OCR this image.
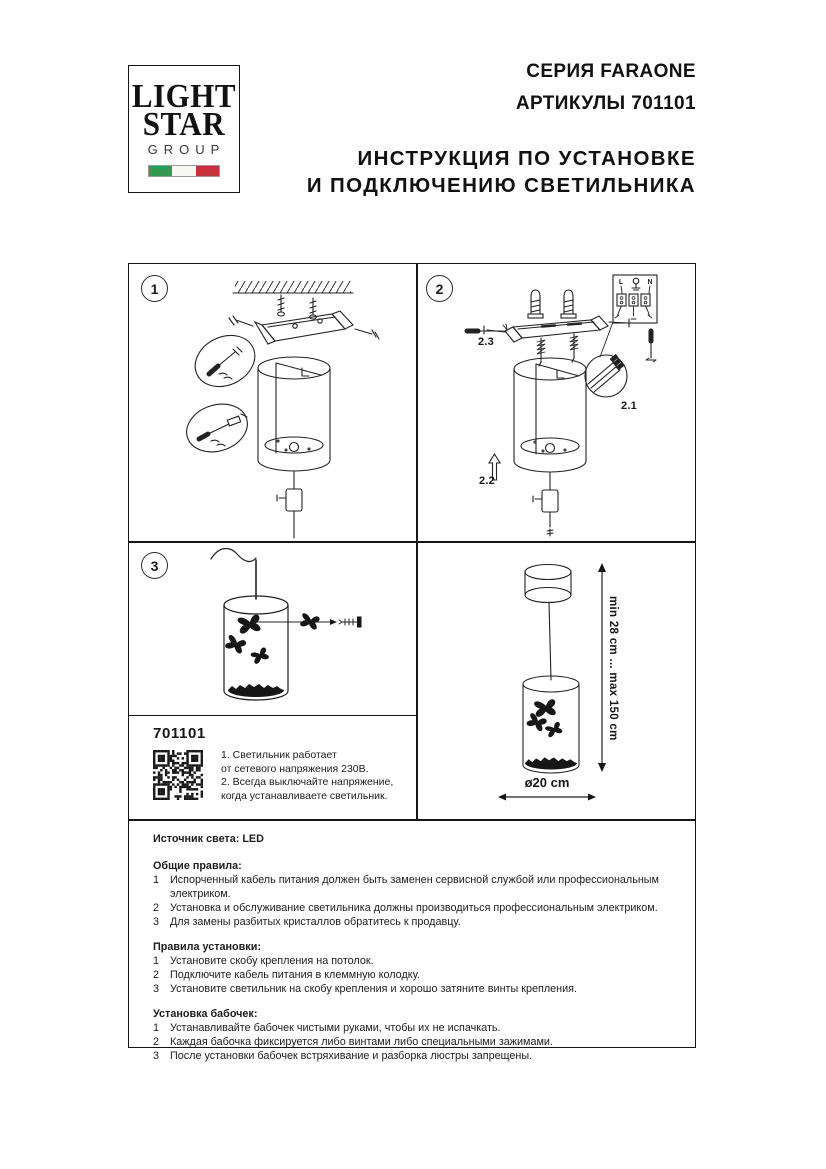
LIGHT
STAR
GROUP
СЕРИЯ FARAONE
АРТИКУЛЫ 701101
ИНСТРУКЦИЯ ПО УСТАНОВКЕ
И ПОДКЛЮЧЕНИЮ СВЕТИЛЬНИКА
1	2
3
L	N
2.3
2.1
2.2
min 28 cm ... max 150 cm
ø20 cm
701101
1. Светильник работает
от сетевого напряжения 230В.
2. Всегда выключайте напряжение,
когда устанавливаете светильник.
Источник света: LED
Общие правила:
1	Испорченный кабель питания должен быть заменен сервисной службой или профессиональным электриком.
2	Установка и обслуживание светильника должны производиться профессиональным электриком.
3	Для замены разбитых кристаллов обратитесь к продавцу.
Правила установки:
1	Установите скобу крепления на потолок.
2	Подключите кабель питания в клеммную колодку.
3	Установите светильник на скобу крепления и хорошо затяните винты крепления.
Установка бабочек:
1	Устанавливайте бабочек чистыми руками, чтобы их не испачкать.
2	Каждая бабочка фиксируется либо винтами либо специальными зажимами.
3	После установки бабочек встряхивание и разборка люстры запрещены.
